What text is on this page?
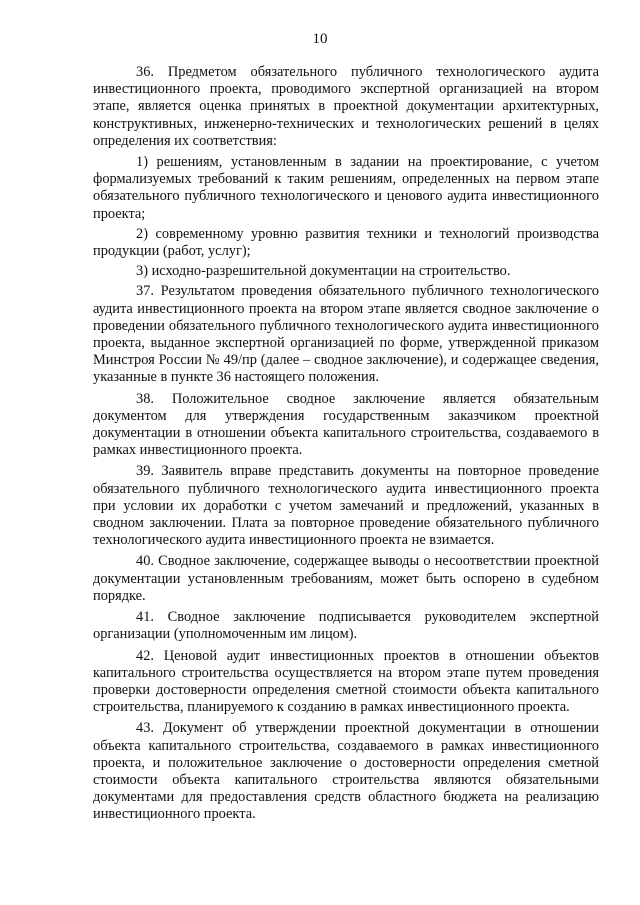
10

36. Предметом обязательного публичного технологического аудита инвестиционного проекта, проводимого экспертной организацией на втором этапе, является оценка принятых в проектной документации архитектурных, конструктивных, инженерно-технических и технологических решений в целях определения их соответствия:

1) решениям, установленным в задании на проектирование, с учетом формализуемых требований к таким решениям, определенных на первом этапе обязательного публичного технологического и ценового аудита инвестиционного проекта;

2) современному уровню развития техники и технологий производства продукции (работ, услуг);

3) исходно-разрешительной документации на строительство.

37. Результатом проведения обязательного публичного технологического аудита инвестиционного проекта на втором этапе является сводное заключение о проведении обязательного публичного технологического аудита инвестиционного проекта, выданное экспертной организацией по форме, утвержденной приказом Минстроя России № 49/пр (далее – сводное заключение), и содержащее сведения, указанные в пункте 36 настоящего положения.

38. Положительное сводное заключение является обязательным документом для утверждения государственным заказчиком проектной документации в отношении объекта капитального строительства, создаваемого в рамках инвестиционного проекта.

39. Заявитель вправе представить документы на повторное проведение обязательного публичного технологического аудита инвестиционного проекта при условии их доработки с учетом замечаний и предложений, указанных в сводном заключении. Плата за повторное проведение обязательного публичного технологического аудита инвестиционного проекта не взимается.

40. Сводное заключение, содержащее выводы о несоответствии проектной документации установленным требованиям, может быть оспорено в судебном порядке.

41. Сводное заключение подписывается руководителем экспертной организации (уполномоченным им лицом).

42. Ценовой аудит инвестиционных проектов в отношении объектов капитального строительства осуществляется на втором этапе путем проведения проверки достоверности определения сметной стоимости объекта капитального строительства, планируемого к созданию в рамках инвестиционного проекта.

43. Документ об утверждении проектной документации в отношении объекта капитального строительства, создаваемого в рамках инвестиционного проекта, и положительное заключение о достоверности определения сметной стоимости объекта капитального строительства являются обязательными документами для предоставления средств областного бюджета на реализацию инвестиционного проекта.
